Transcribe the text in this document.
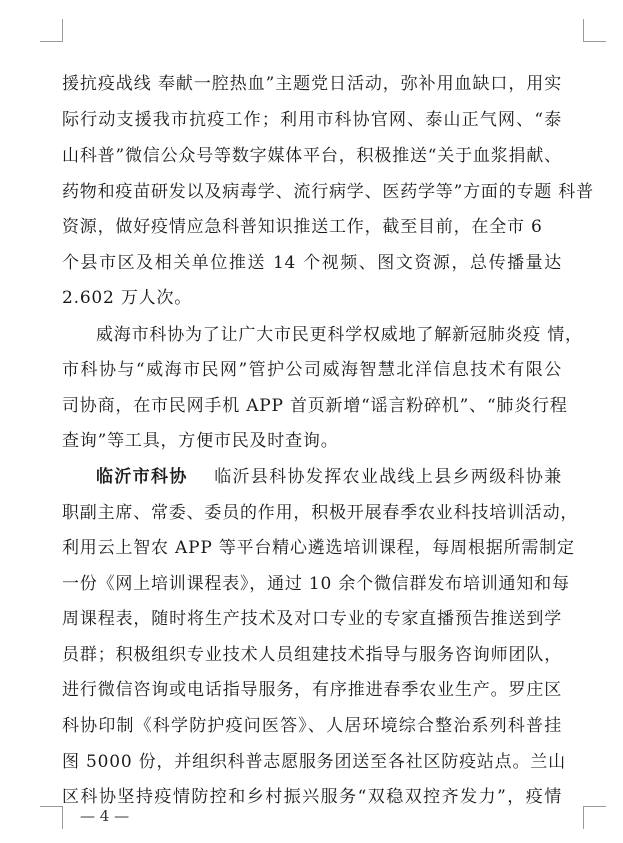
援抗疫战线 奉献一腔热血”主题党日活动，弥补用血缺口，用实
际行动支援我市抗疫工作；利用市科协官网、泰山正气网、“泰
山科普”微信公众号等数字媒体平台，积极推送“关于血浆捐献、
药物和疫苗研发以及病毒学、流行病学、医药学等”方面的专题 科普
资源，做好疫情应急科普知识推送工作，截至目前，在全市 6
个县市区及相关单位推送 14 个视频、图文资源，总传播量达
2.602 万人次。
威海市科协为了让广大市民更科学权威地了解新冠肺炎疫 情，
市科协与“威海市民网”管护公司威海智慧北洋信息技术有限公
司协商，在市民网手机 APP 首页新增“谣言粉碎机”、“肺炎行程
查询”等工具，方便市民及时查询。
临沂市科协 临沂县科协发挥农业战线上县乡两级科协兼
职副主席、常委、委员的作用，积极开展春季农业科技培训活动，
利用云上智农 APP 等平台精心遴选培训课程，每周根据所需制定
一份《网上培训课程表》，通过 10 余个微信群发布培训通知和每
周课程表，随时将生产技术及对口专业的专家直播预告推送到学
员群；积极组织专业技术人员组建技术指导与服务咨询师团队，
进行微信咨询或电话指导服务，有序推进春季农业生产。罗庄区
科协印制《科学防护疫问医答》、人居环境综合整治系列科普挂
图 5000 份，并组织科普志愿服务团送至各社区防疫站点。兰山
区科协坚持疫情防控和乡村振兴服务“双稳双控齐发力”，疫情
— 4 —
